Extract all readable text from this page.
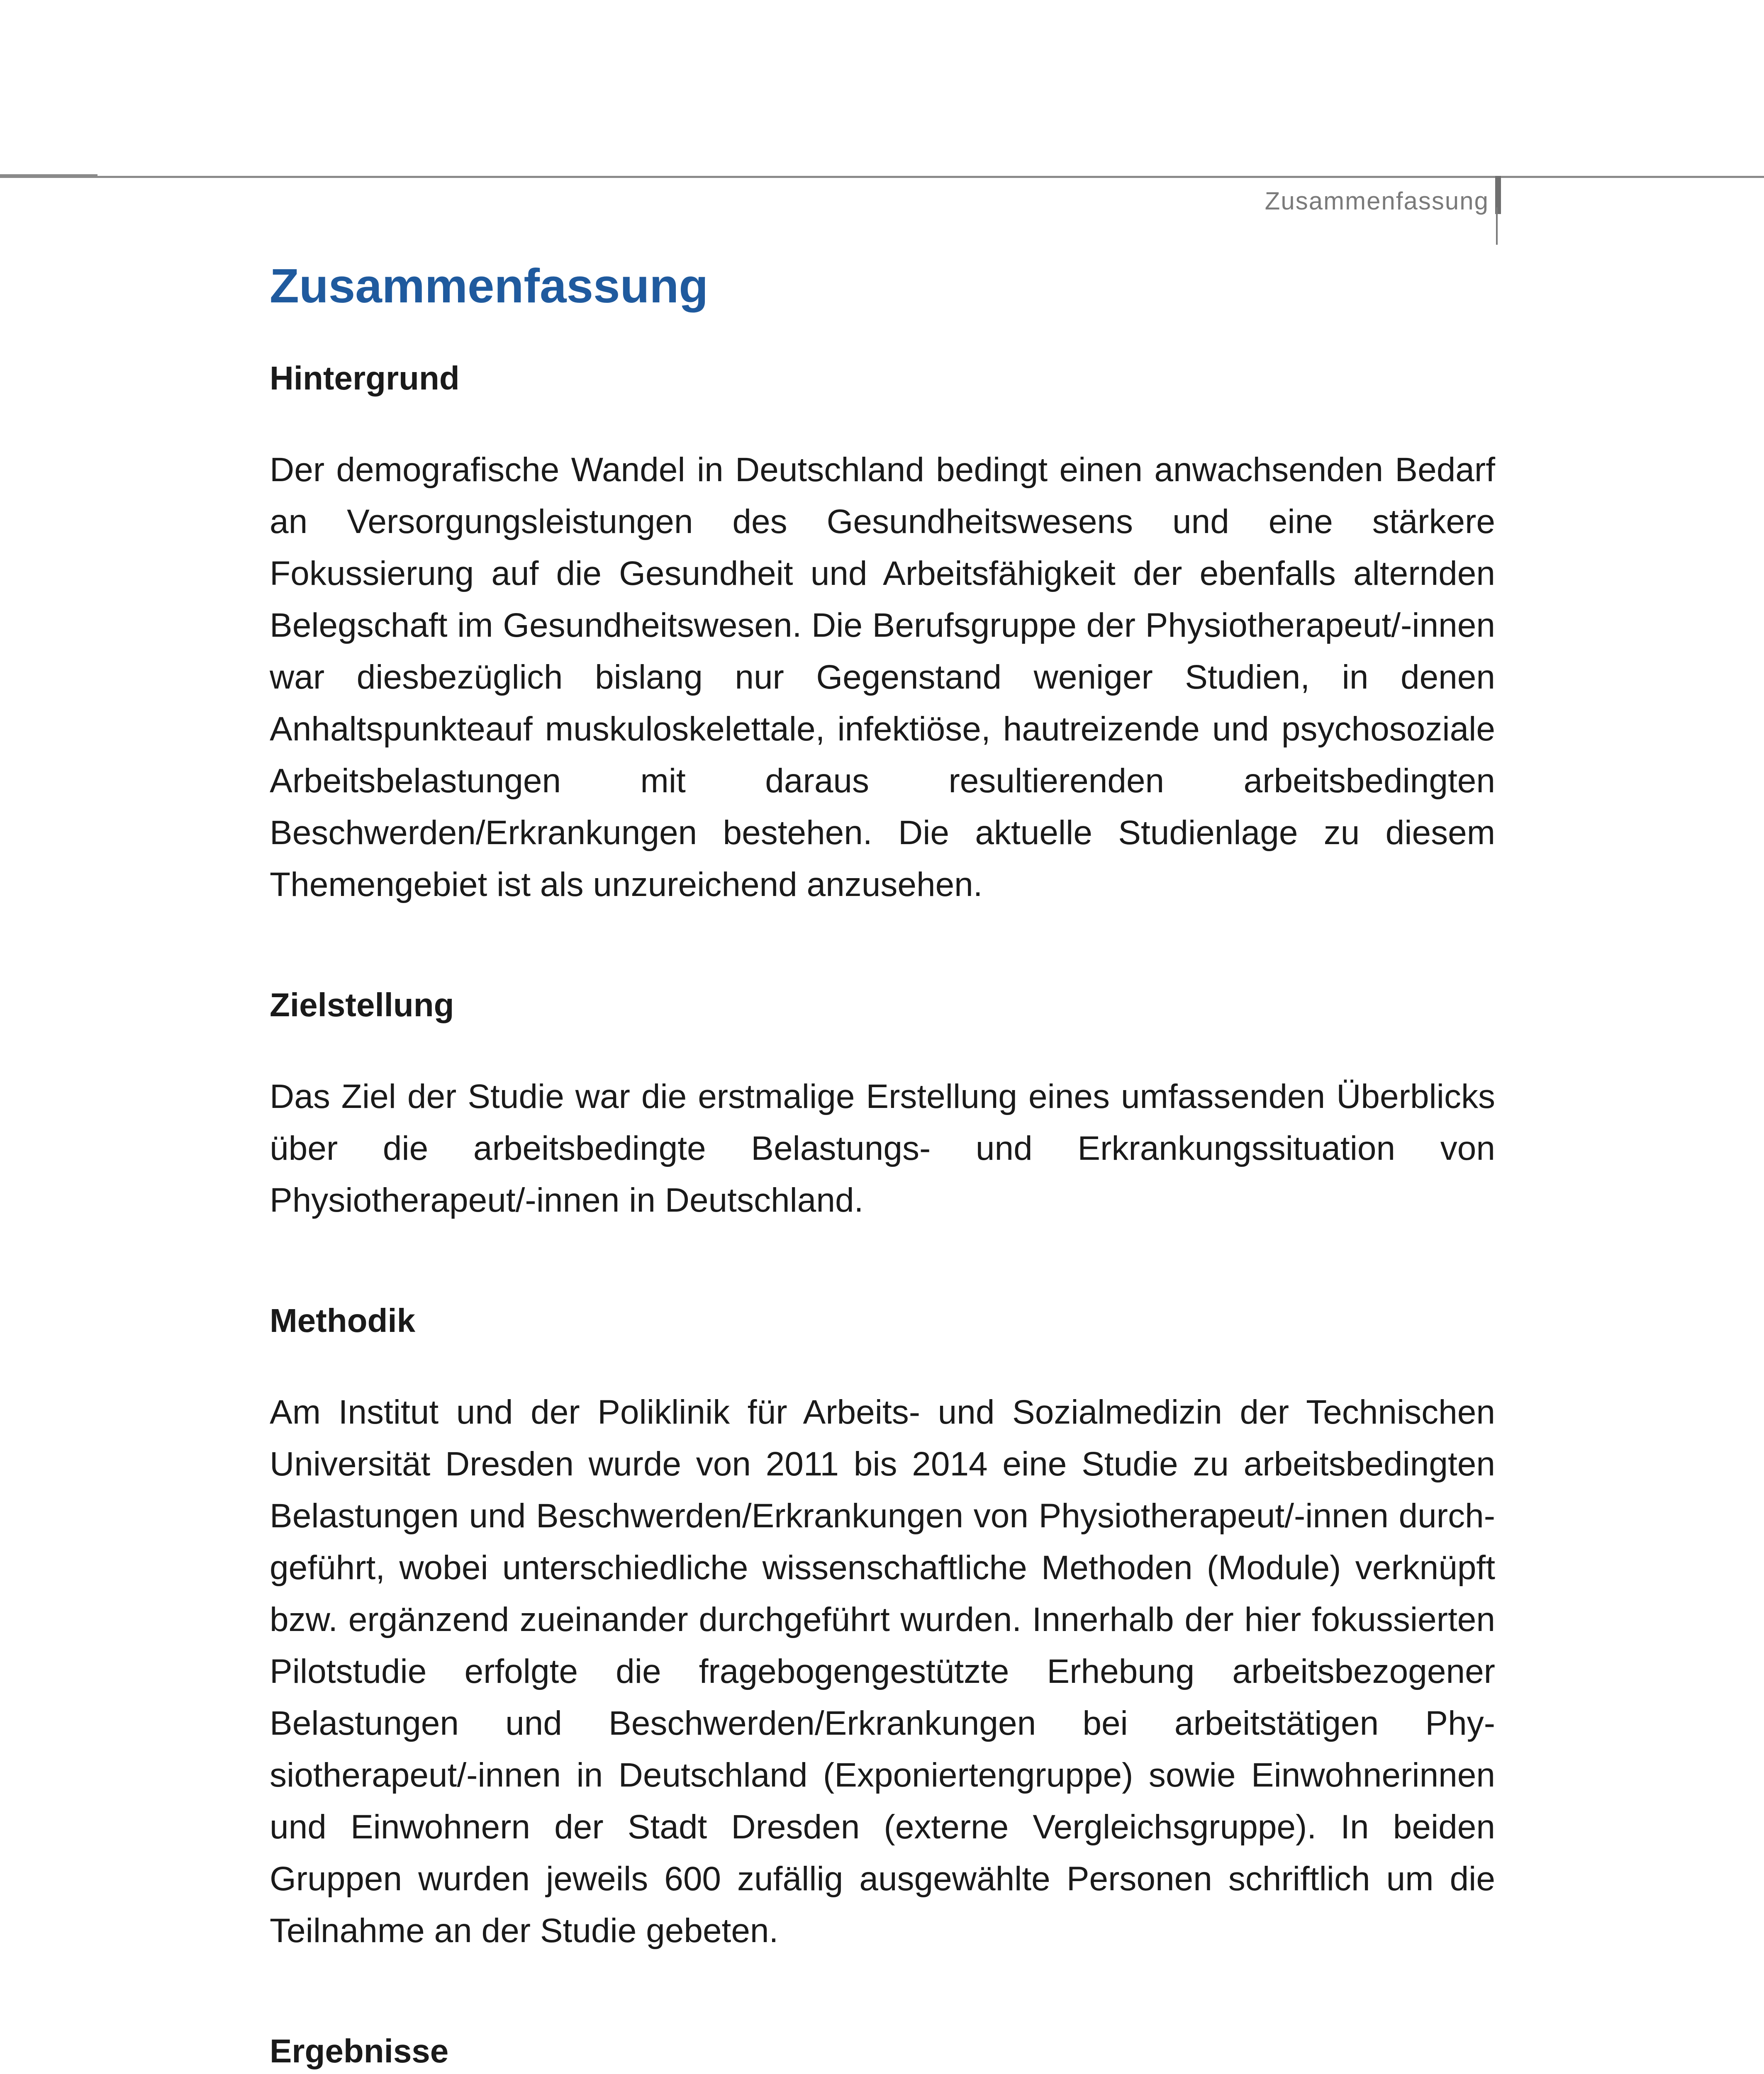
Zusammenfassung
Zusammenfassung
Hintergrund

Der demografische Wandel in Deutschland bedingt einen anwachsenden Bedarf an Versorgungsleistungen des Gesundheitswesens und eine stärkere Fokussierung auf die Gesundheit und Arbeitsfähigkeit der ebenfalls alternden Belegschaft im Gesundheitswesen. Die Berufsgruppe der Physiotherapeut/-innen war diesbezüglich bislang nur Gegenstand weniger Studien, in denen Anhaltspunkteauf muskuloskelettale, infektiöse, hautreizende und psychosoziale Arbeitsbelastungen mit daraus resultierenden arbeitsbedingten Beschwerden/Erkrankungen bestehen. Die aktuelle Studienlage zu diesem Themengebiet ist als unzureichend anzusehen.

Zielstellung

Das Ziel der Studie war die erstmalige Erstellung eines umfassenden Überblicks über die arbeitsbedingte Belastungs- und Erkrankungssituation von Physiotherapeut/-innen in Deutschland.

Methodik

Am Institut und der Poliklinik für Arbeits- und Sozialmedizin der Technischen Universität Dresden wurde von 2011 bis 2014 eine Studie zu arbeitsbedingten Belastungen und Beschwerden/Erkrankungen von Physiotherapeut/-innen durchgeführt, wobei unterschiedliche wissenschaftliche Methoden (Module) verknüpft bzw. ergänzend zueinander durchgeführt wurden. Innerhalb der hier fokussierten Pilotstudie erfolgte die fragebogengestützte Erhebung arbeitsbezogener Belastungen und Beschwerden/Erkrankungen bei arbeitstätigen Physiotherapeut/-innen in Deutschland (Exponiertengruppe) sowie Einwohnerinnen und Einwohnern der Stadt Dresden (externe Vergleichsgruppe). In beiden Gruppen wurden jeweils 600 zufällig ausgewählte Personen schriftlich um die Teilnahme an der Studie gebeten.

Ergebnisse
